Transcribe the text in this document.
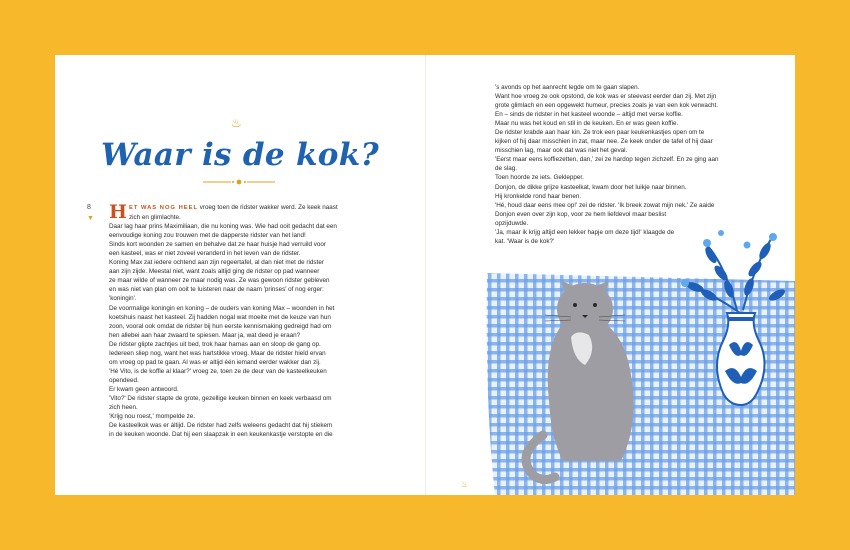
♨
Waar is de kok?
8
▼ HET WAS NOG HEEL vroeg toen de ridster wakker werd. Ze keek naast

zich en glimlachte.

Daar lag haar prins Maximiliaan, die nu koning was. Wie had ooit gedacht dat een

eenvoudige koning zou trouwen met de dapperste ridster van het land!

Sinds kort woonden ze samen en behalve dat ze haar huisje had verruild voor

een kasteel, was er niet zoveel veranderd in het leven van de ridster.

Koning Max zat iedere ochtend aan zijn regeertafel, al dan niet met de ridster

aan zijn zijde. Meestal niet, want zoals altijd ging de ridster op pad wanneer

ze maar wilde of wanneer ze maar nodig was. Ze was gewoon ridster gebleven

en was niet van plan om ooit te luisteren naar de naam 'prinses' of nog erger:

'koningin'.

De voormalige koningin en koning – de ouders van koning Max – woonden in het

koetshuis naast het kasteel. Zij hadden nogal wat moeite met de keuze van hun

zoon, vooral ook omdat de ridster bij hun eerste kennismaking gedreigd had om

hen allebei aan haar zwaard te spiesen. Maar ja, wat deed je eraan?

De ridster glipte zachtjes uit bed, trok haar harnas aan en sloop de gang op.

Iedereen sliep nog, want het was hartstikke vroeg. Maar de ridster hield ervan

om vroeg op pad te gaan. Al was er altijd één iemand eerder wakker dan zij.

'Hé Vito, is de koffie al klaar?' vroeg ze, toen ze de deur van de kasteelkeuken

opendeed.

Er kwam geen antwoord.

'Vito?' De ridster stapte de grote, gezellige keuken binnen en keek verbaasd om

zich heen.

'Krijg nou roest,' mompelde ze.

De kasteelkok was er áltijd. De ridster had zelfs weleens gedacht dat hij stiekem

in de keuken woonde. Dat hij een slaapzak in een keukenkastje verstopte en die

's avonds op het aanrecht legde om te gaan slapen.

Want hoe vroeg ze ook opstond, de kok was er steevast eerder dan zij. Met zijn

grote glimlach en een opgewekt humeur, precies zoals je van een kok verwacht.

En – sinds de ridster in het kasteel woonde – altijd met verse koffie.

Maar nu was het koud en stil in de keuken. En er was geen koffie.

De ridster krabde aan haar kin. Ze trok een paar keukenkastjes open om te

kijken of hij daar misschien in zat, maar nee. Ze keek onder de tafel of hij daar

misschien lag, maar ook dat was niet het geval.

'Eerst maar eens koffiezetten, dan,' zei ze hardop tegen zichzelf. En ze ging aan

de slag.

Toen hoorde ze iets. Geklepper.

Donjon, de dikke grijze kasteelkat, kwam door het luikje naar binnen.

Hij kronkelde rond haar benen.

'Hé, houd daar eens mee op!' zei de ridster. 'Ik breek zowat mijn nek.' Ze aaide

Donjon even over zijn kop, voor ze hem liefdevol maar beslist

opzijduwde.

'Ja, maar ik krijg altijd een lekker hapje om deze tijd!' klaagde de

kat. 'Waar is de kok?'

♨
